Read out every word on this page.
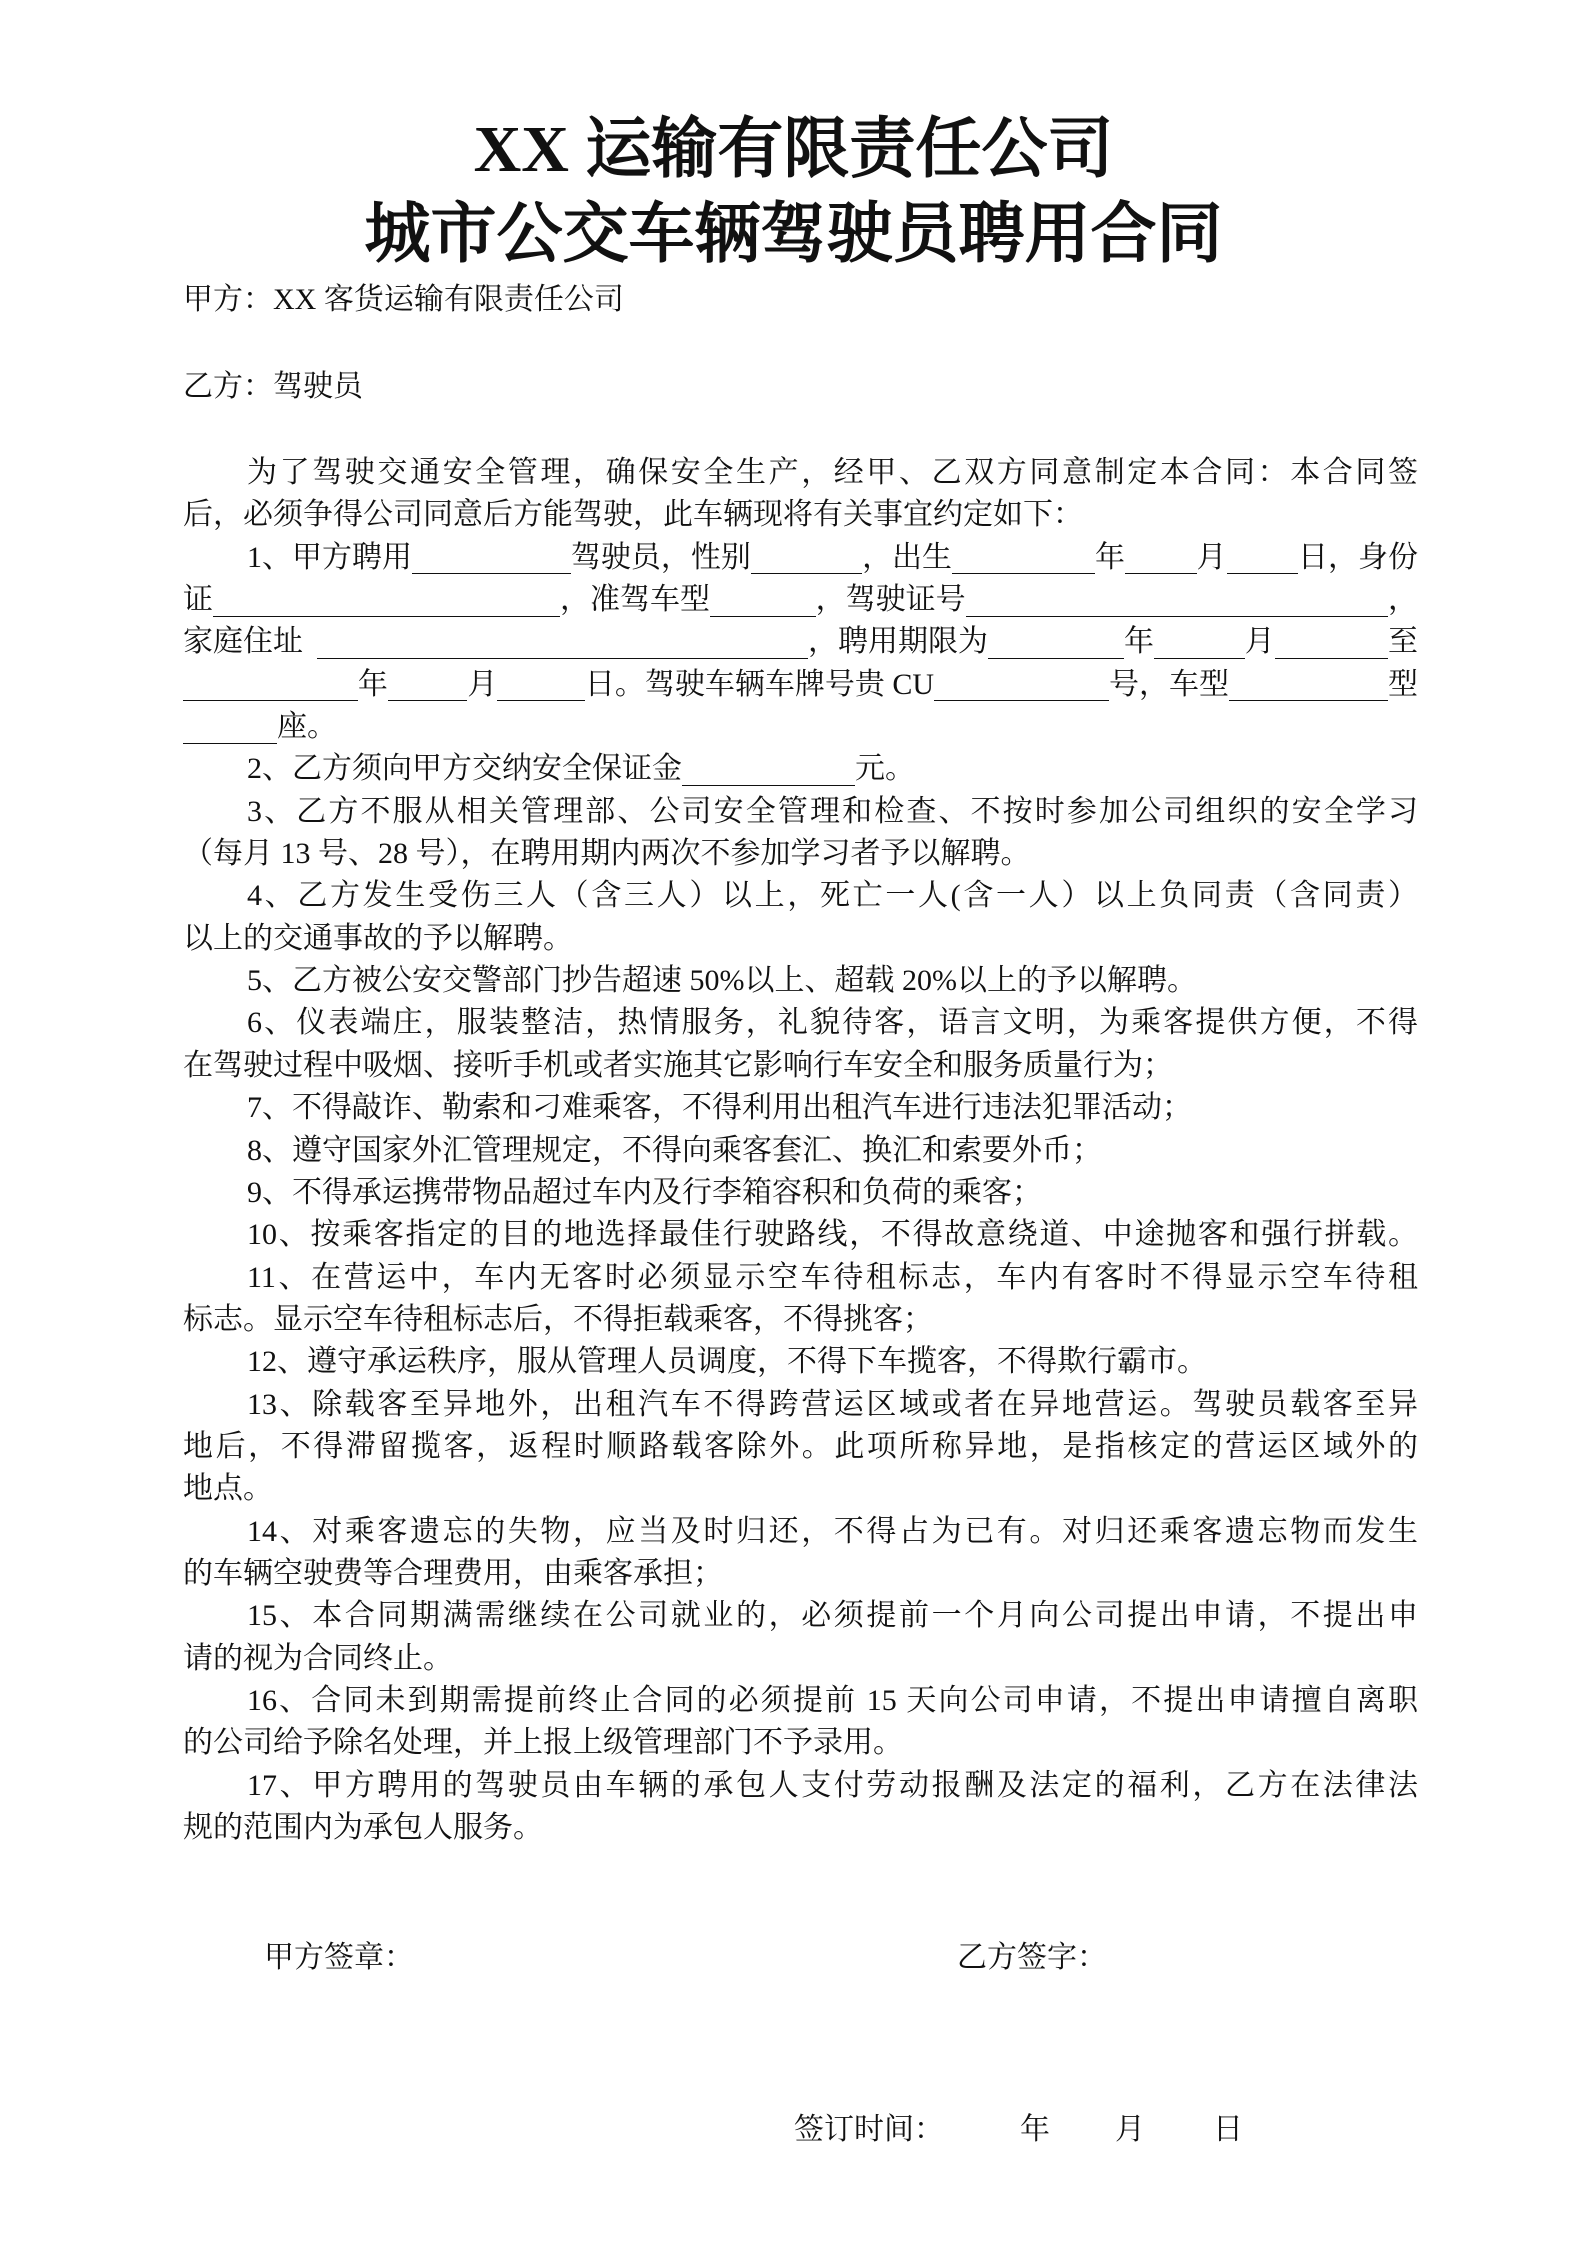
XX 运输有限责任公司
城市公交车辆驾驶员聘用合同
甲方：XX 客货运输有限责任公司
乙方：驾驶员
为了驾驶交通安全管理，确保安全生产，经甲、乙双方同意制定本合同：本合同签
后，必须争得公司同意后方能驾驶，此车辆现将有关事宜约定如下：
1、甲方聘用	驾驶员，性别	，出生	年 月 日，身份
证	，准驾车型	，驾驶证号	，
家庭住址	，聘用期限为	年	月	至
年	月	日。驾驶车辆车牌号贵 CU	号，车型	型
座。
2、乙方须向甲方交纳安全保证金	元。
3、乙方不服从相关管理部、公司安全管理和检查、不按时参加公司组织的安全学习
（每月 13 号、28 号），在聘用期内两次不参加学习者予以解聘。
4、乙方发生受伤三人（含三人）以上，死亡一人(含一人）以上负同责（含同责）
以上的交通事故的予以解聘。
5、乙方被公安交警部门抄告超速 50%以上、超载 20%以上的予以解聘。
6、仪表端庄，服装整洁，热情服务，礼貌待客，语言文明，为乘客提供方便，不得
在驾驶过程中吸烟、接听手机或者实施其它影响行车安全和服务质量行为；
7、不得敲诈、勒索和刁难乘客，不得利用出租汽车进行违法犯罪活动；
8、遵守国家外汇管理规定，不得向乘客套汇、换汇和索要外币；
9、不得承运携带物品超过车内及行李箱容积和负荷的乘客；
10、按乘客指定的目的地选择最佳行驶路线，不得故意绕道、中途抛客和强行拼载。
11、在营运中，车内无客时必须显示空车待租标志，车内有客时不得显示空车待租
标志。显示空车待租标志后，不得拒载乘客，不得挑客；
12、遵守承运秩序，服从管理人员调度，不得下车揽客，不得欺行霸市。
13、除载客至异地外，出租汽车不得跨营运区域或者在异地营运。驾驶员载客至异
地后，不得滞留揽客，返程时顺路载客除外。此项所称异地，是指核定的营运区域外的
地点。
14、对乘客遗忘的失物，应当及时归还，不得占为已有。对归还乘客遗忘物而发生
的车辆空驶费等合理费用，由乘客承担；
15、本合同期满需继续在公司就业的，必须提前一个月向公司提出申请，不提出申
请的视为合同终止。
16、合同未到期需提前终止合同的必须提前 15 天向公司申请，不提出申请擅自离职
的公司给予除名处理，并上报上级管理部门不予录用。
17、甲方聘用的驾驶员由车辆的承包人支付劳动报酬及法定的福利，乙方在法律法
规的范围内为承包人服务。
甲方签章：	乙方签字：
签订时间：	年 月 日
